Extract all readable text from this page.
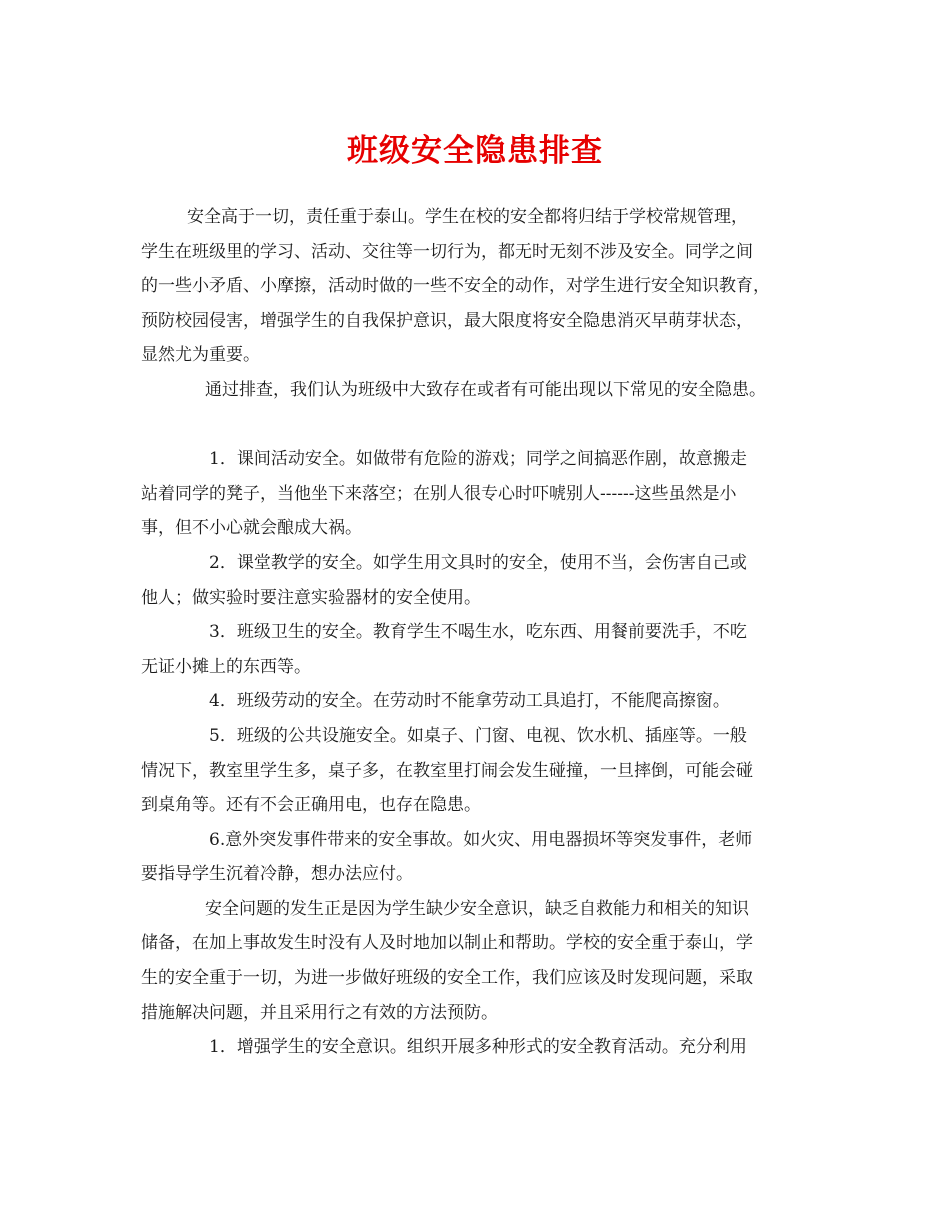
班级安全隐患排查
安全高于一切，责任重于泰山。学生在校的安全都将归结于学校常规管理，
学生在班级里的学习、活动、交往等一切行为，都无时无刻不涉及安全。同学之间
的一些小矛盾、小摩擦，活动时做的一些不安全的动作，对学生进行安全知识教育，
预防校园侵害，增强学生的自我保护意识，最大限度将安全隐患消灭早萌芽状态，
显然尤为重要。
通过排查，我们认为班级中大致存在或者有可能出现以下常见的安全隐患。
1．课间活动安全。如做带有危险的游戏；同学之间搞恶作剧，故意搬走
站着同学的凳子，当他坐下来落空；在别人很专心时吓唬别人------这些虽然是小
事，但不小心就会酿成大祸。
2．课堂教学的安全。如学生用文具时的安全，使用不当，会伤害自己或
他人；做实验时要注意实验器材的安全使用。
3．班级卫生的安全。教育学生不喝生水，吃东西、用餐前要洗手，不吃
无证小摊上的东西等。
4．班级劳动的安全。在劳动时不能拿劳动工具追打，不能爬高擦窗。
5．班级的公共设施安全。如桌子、门窗、电视、饮水机、插座等。一般
情况下，教室里学生多，桌子多，在教室里打闹会发生碰撞，一旦摔倒，可能会碰
到桌角等。还有不会正确用电，也存在隐患。
6.意外突发事件带来的安全事故。如火灾、用电器损坏等突发事件，老师
要指导学生沉着冷静，想办法应付。
安全问题的发生正是因为学生缺少安全意识，缺乏自救能力和相关的知识
储备，在加上事故发生时没有人及时地加以制止和帮助。学校的安全重于泰山，学
生的安全重于一切，为进一步做好班级的安全工作，我们应该及时发现问题，采取
措施解决问题，并且采用行之有效的方法预防。
1．增强学生的安全意识。组织开展多种形式的安全教育活动。充分利用
